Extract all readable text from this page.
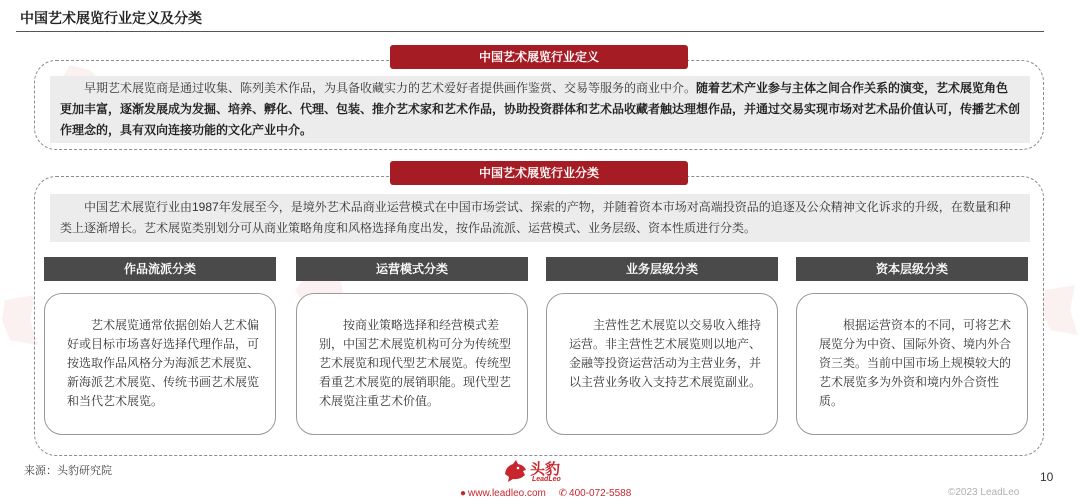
中国艺术展览行业定义及分类
中国艺术展览行业定义
早期艺术展览商是通过收集、陈列美术作品，为具备收藏实力的艺术爱好者提供画作鉴赏、交易等服务的商业中介。随着艺术产业参与主体之间合作关系的演变，艺术展览角色更加丰富，逐渐发展成为发掘、培养、孵化、代理、包装、推介艺术家和艺术作品，协助投资群体和艺术品收藏者触达理想作品，并通过交易实现市场对艺术品价值认可，传播艺术创作理念的，具有双向连接功能的文化产业中介。
中国艺术展览行业分类
中国艺术展览行业由1987年发展至今，是境外艺术品商业运营模式在中国市场尝试、探索的产物，并随着资本市场对高端投资品的追逐及公众精神文化诉求的升级，在数量和种类上逐渐增长。艺术展览类别划分可从商业策略角度和风格选择角度出发，按作品流派、运营模式、业务层级、资本性质进行分类。
作品流派分类	运营模式分类	业务层级分类	资本层级分类
艺术展览通常依据创始人艺术偏好或目标市场喜好选择代理作品，可按选取作品风格分为海派艺术展览、新海派艺术展览、传统书画艺术展览和当代艺术展览。
按商业策略选择和经营模式差别，中国艺术展览机构可分为传统型艺术展览和现代型艺术展览。传统型看重艺术展览的展销职能。现代型艺术展览注重艺术价值。
主营性艺术展览以交易收入维持运营。非主营性艺术展览则以地产、金融等投资运营活动为主营业务，并以主营业务收入支持艺术展览副业。
根据运营资本的不同，可将艺术展览分为中资、国际外资、境内外合资三类。当前中国市场上规模较大的艺术展览多为外资和境内外合资性质。
来源：头豹研究院	头豹
LeadLeo
● www.leadleo.com ✆ 400-072-5588
10
©2023 LeadLeo
